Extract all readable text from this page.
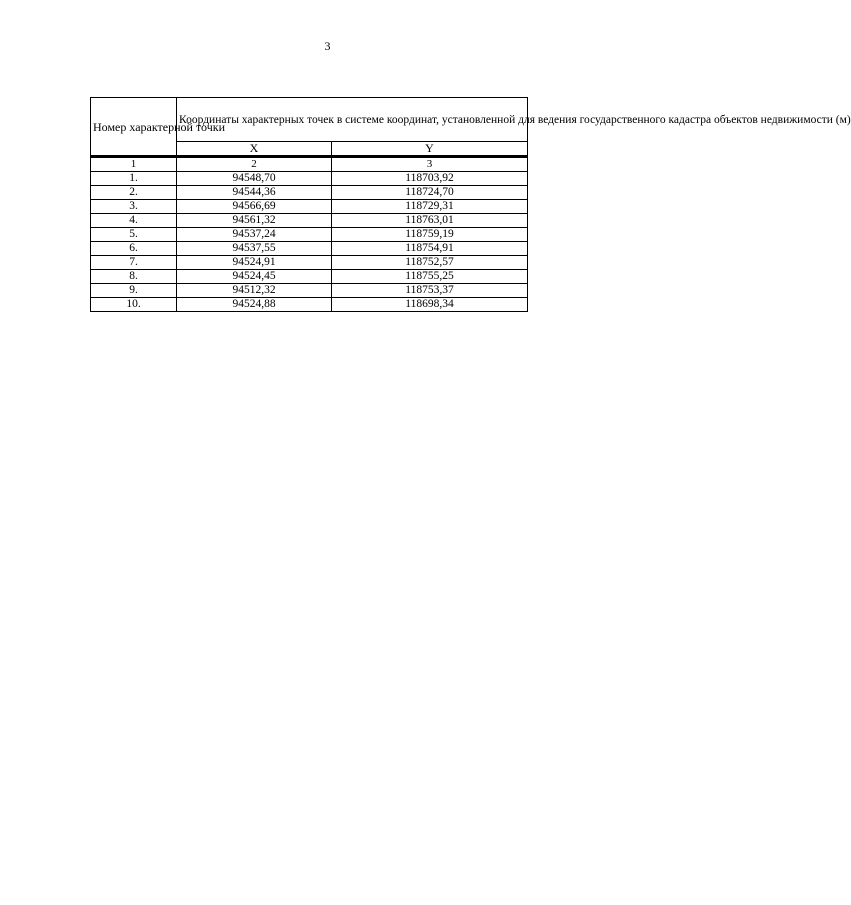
3
Номер характерной точки	Координаты характерных точек в системе координат, установленной для ведения государственного кадастра объектов недвижимости (м)	
	X	Y

1	2	3
1.	94548,70	118703,92
2.	94544,36	118724,70
3.	94566,69	118729,31
4.	94561,32	118763,01
5.	94537,24	118759,19
6.	94537,55	118754,91
7.	94524,91	118752,57
8.	94524,45	118755,25
9.	94512,32	118753,37
10.	94524,88	118698,34
